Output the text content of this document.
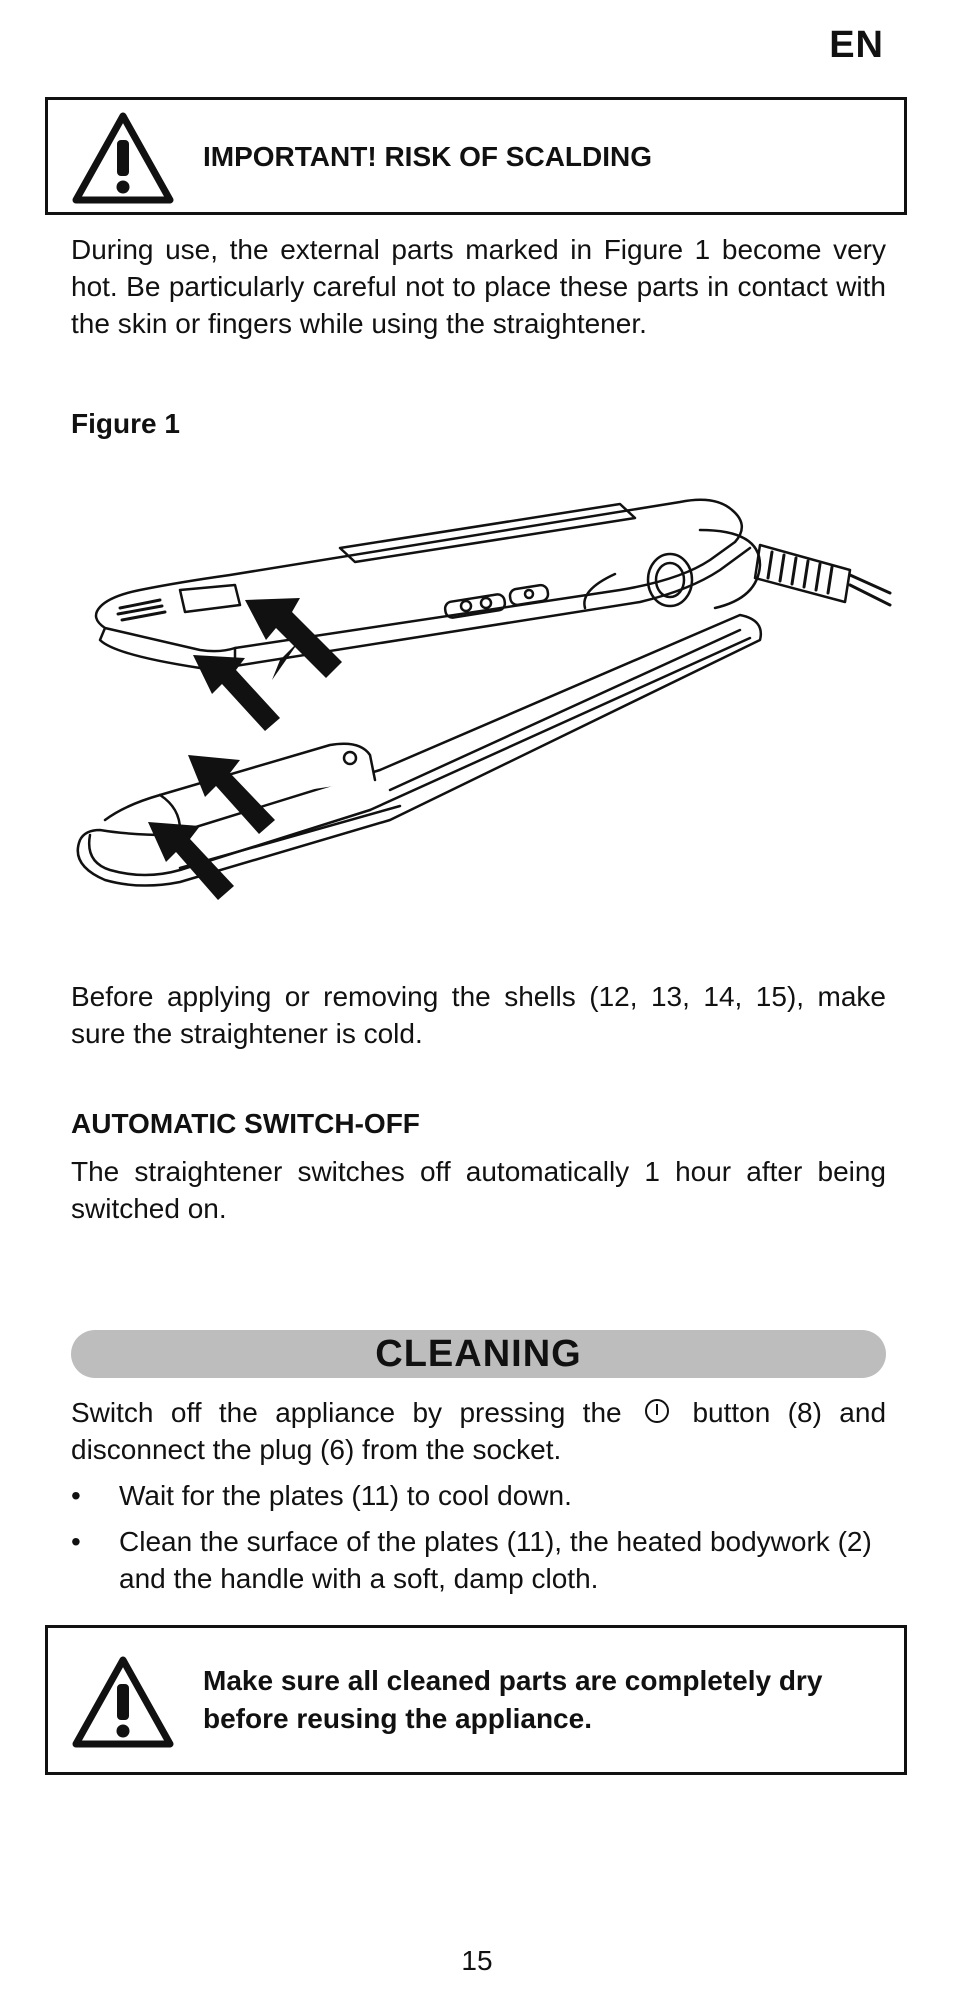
EN
IMPORTANT! RISK OF SCALDING
During use, the external parts marked in Figure 1 become very hot. Be particularly careful not to place these parts in contact with the skin or fingers while using the straightener.
Figure 1
Before applying or removing the shells (12, 13, 14, 15), make sure the straightener is cold.
AUTOMATIC SWITCH-OFF
The straightener switches off automatically 1 hour after being switched on.
CLEANING
Switch off the appliance by pressing the	button (8) and disconnect the plug (6) from the socket.
• Wait for the plates (11) to cool down.
• Clean the surface of the plates (11), the heated bodywork (2) and the handle with a soft, damp cloth.
Make sure all cleaned parts are completely dry before reusing the appliance.
15
